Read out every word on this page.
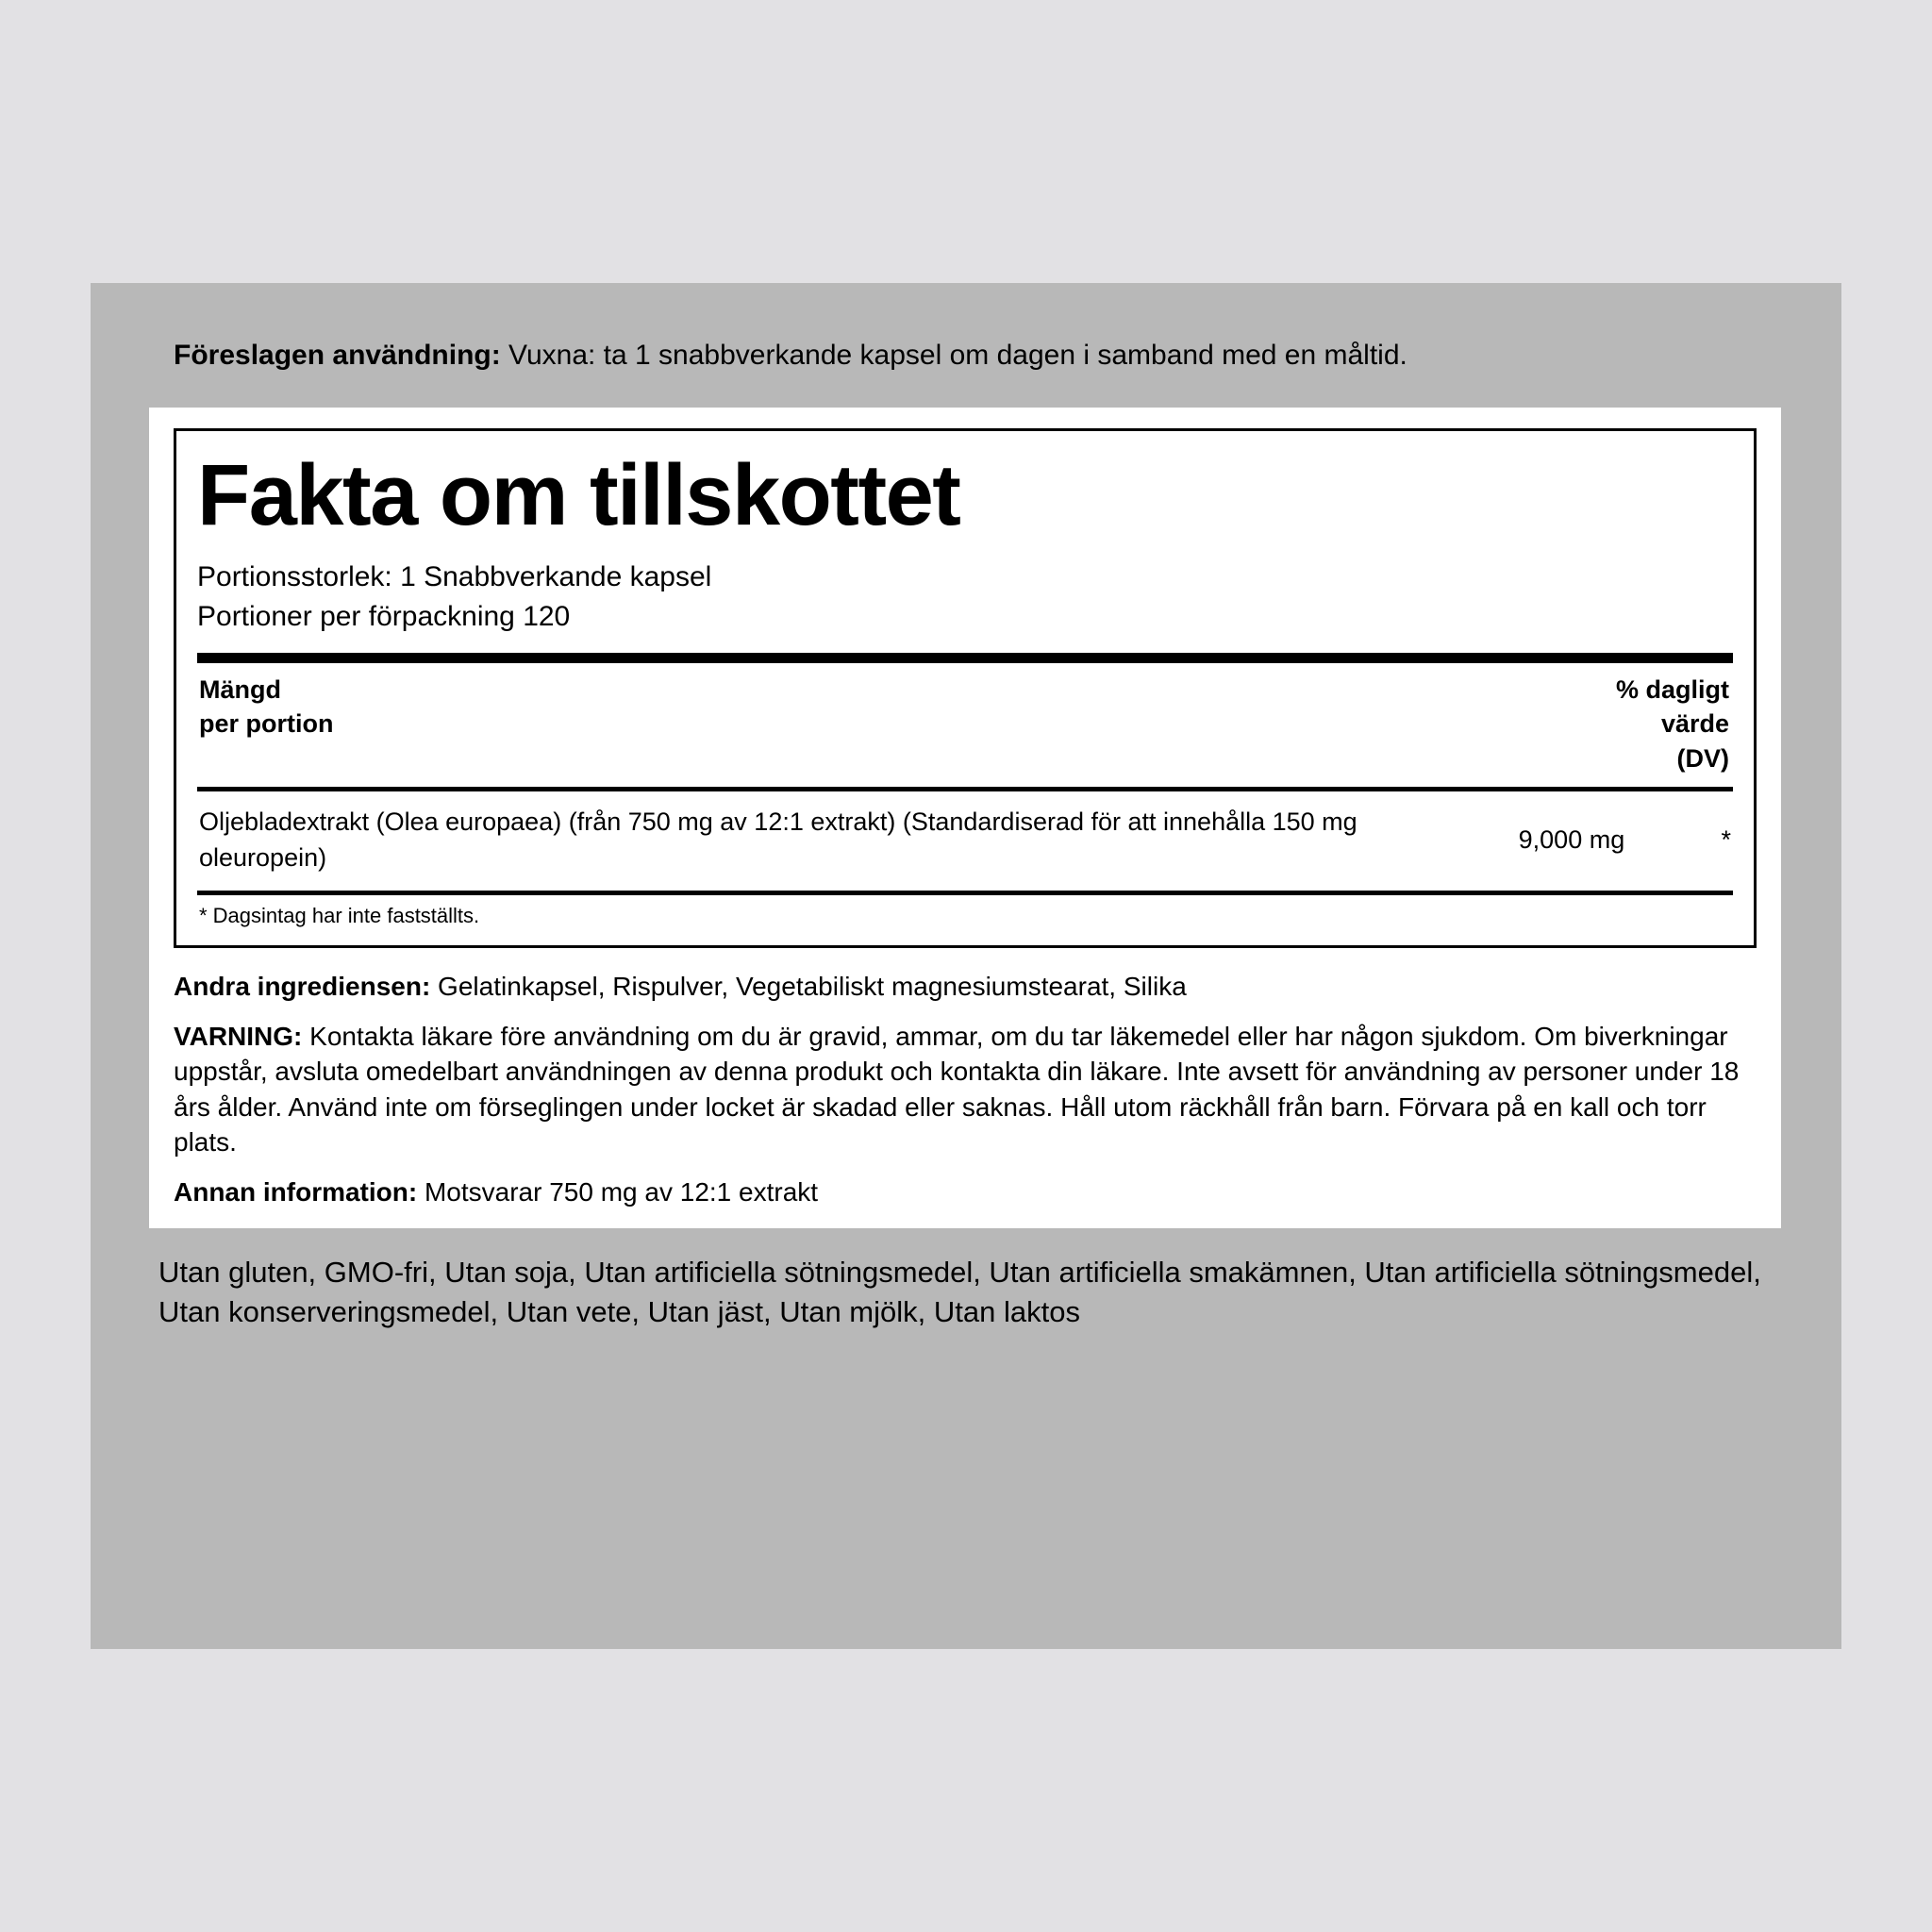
Föreslagen användning: Vuxna: ta 1 snabbverkande kapsel om dagen i samband med en måltid.
Fakta om tillskottet
Portionsstorlek: 1 Snabbverkande kapsel
Portioner per förpackning 120
Mängd
per portion
% dagligt
värde
(DV)
Oljebladextrakt (Olea europaea) (från 750 mg av 12:1 extrakt) (Standardiserad för att innehålla 150 mg oleuropein)
9,000 mg	*
* Dagsintag har inte fastställts.
Andra ingrediensen: Gelatinkapsel, Rispulver, Vegetabiliskt magnesiumstearat, Silika
VARNING: Kontakta läkare före användning om du är gravid, ammar, om du tar läkemedel eller har någon sjukdom. Om biverkningar uppstår, avsluta omedelbart användningen av denna produkt och kontakta din läkare. Inte avsett för användning av personer under 18 års ålder. Använd inte om förseglingen under locket är skadad eller saknas. Håll utom räckhåll från barn. Förvara på en kall och torr plats.
Annan information: Motsvarar 750 mg av 12:1 extrakt
Utan gluten, GMO-fri, Utan soja, Utan artificiella sötningsmedel, Utan artificiella smakämnen, Utan artificiella sötningsmedel, Utan konserveringsmedel, Utan vete, Utan jäst, Utan mjölk, Utan laktos
